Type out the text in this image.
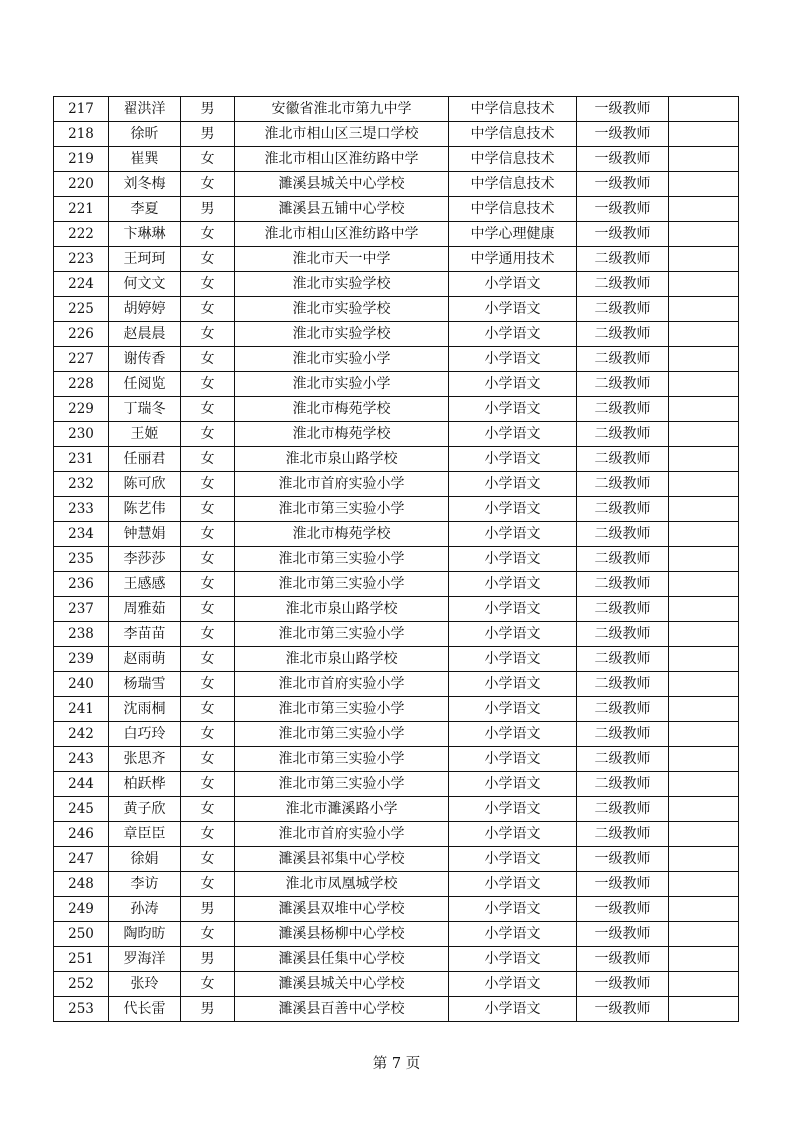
217	翟洪洋	男	安徽省淮北市第九中学	中学信息技术	一级教师	
218	徐昕	男	淮北市相山区三堤口学校	中学信息技术	一级教师	
219	崔巽	女	淮北市相山区淮纺路中学	中学信息技术	一级教师	
220	刘冬梅	女	濉溪县城关中心学校	中学信息技术	一级教师	
221	李夏	男	濉溪县五铺中心学校	中学信息技术	一级教师	
222	卞琳琳	女	淮北市相山区淮纺路中学	中学心理健康	一级教师	
223	王珂珂	女	淮北市天一中学	中学通用技术	二级教师	
224	何文文	女	淮北市实验学校	小学语文	二级教师	
225	胡婷婷	女	淮北市实验学校	小学语文	二级教师	
226	赵晨晨	女	淮北市实验学校	小学语文	二级教师	
227	谢传香	女	淮北市实验小学	小学语文	二级教师	
228	任阅览	女	淮北市实验小学	小学语文	二级教师	
229	丁瑞冬	女	淮北市梅苑学校	小学语文	二级教师	
230	王姬	女	淮北市梅苑学校	小学语文	二级教师	
231	任丽君	女	淮北市泉山路学校	小学语文	二级教师	
232	陈可欣	女	淮北市首府实验小学	小学语文	二级教师	
233	陈艺伟	女	淮北市第三实验小学	小学语文	二级教师	
234	钟慧娟	女	淮北市梅苑学校	小学语文	二级教师	
235	李莎莎	女	淮北市第三实验小学	小学语文	二级教师	
236	王感感	女	淮北市第三实验小学	小学语文	二级教师	
237	周雅茹	女	淮北市泉山路学校	小学语文	二级教师	
238	李苗苗	女	淮北市第三实验小学	小学语文	二级教师	
239	赵雨萌	女	淮北市泉山路学校	小学语文	二级教师	
240	杨瑞雪	女	淮北市首府实验小学	小学语文	二级教师	
241	沈雨桐	女	淮北市第三实验小学	小学语文	二级教师	
242	白巧玲	女	淮北市第三实验小学	小学语文	二级教师	
243	张思齐	女	淮北市第三实验小学	小学语文	二级教师	
244	柏跃桦	女	淮北市第三实验小学	小学语文	二级教师	
245	黄子欣	女	淮北市濉溪路小学	小学语文	二级教师	
246	章臣臣	女	淮北市首府实验小学	小学语文	二级教师	
247	徐娟	女	濉溪县祁集中心学校	小学语文	一级教师	
248	李访	女	淮北市凤凰城学校	小学语文	一级教师	
249	孙涛	男	濉溪县双堆中心学校	小学语文	一级教师	
250	陶昀昉	女	濉溪县杨柳中心学校	小学语文	一级教师	
251	罗海洋	男	濉溪县任集中心学校	小学语文	一级教师	
252	张玲	女	濉溪县城关中心学校	小学语文	一级教师	
253	代长雷	男	濉溪县百善中心学校	小学语文	一级教师	
第 7 页
